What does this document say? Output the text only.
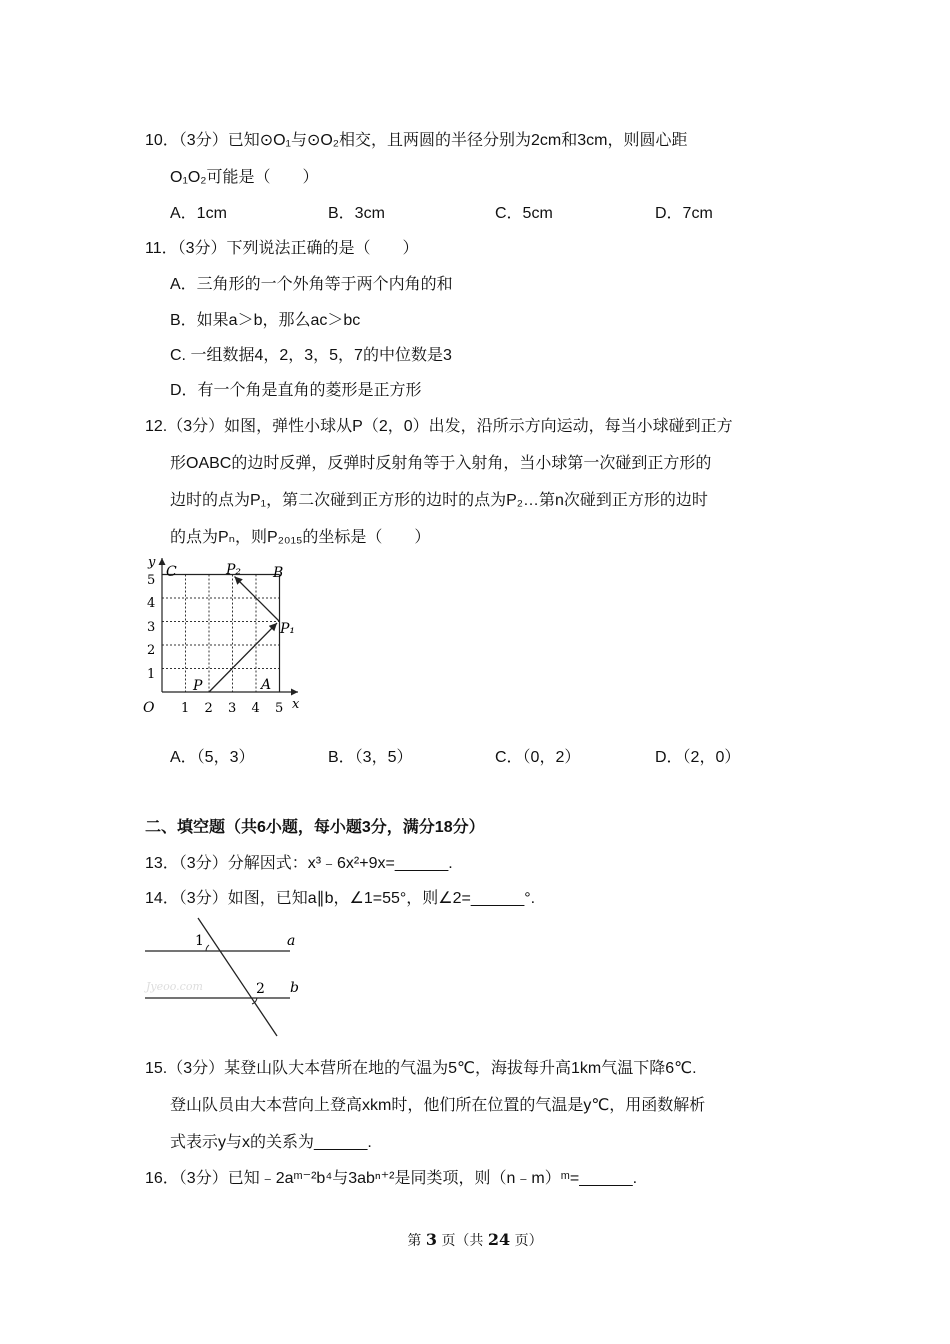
10．（3分）已知⊙O₁与⊙O₂相交，且两圆的半径分别为2cm和3cm，则圆心距
O₁O₂可能是（　　）
A．1cm	B．3cm	C．5cm	D．7cm
11．（3分）下列说法正确的是（　　）
A．三角形的一个外角等于两个内角的和
B．如果a＞b，那么ac＞bc
C. 一组数据4，2，3，5，7的中位数是3
D．有一个角是直角的菱形是正方形
12.（3分）如图，弹性小球从P（2，0）出发，沿所示方向运动，每当小球碰到正方
形OABC的边时反弹，反弹时反射角等于入射角，当小球第一次碰到正方形的
边时的点为P₁，第二次碰到正方形的边时的点为P₂…第n次碰到正方形的边时
的点为Pₙ，则P₂₀₁₅的坐标是（　　）
y
x
O 1 2 3 4 5
1
2
3
4
5
C	B
P₂
P₁
P	A
A．（5，3）	B．（3，5）	C．（0，2）	D．（2，0）
二、填空题（共6小题，每小题3分，满分18分）
13．（3分）分解因式：x³﹣6x²+9x=______.
14．（3分）如图，已知a∥b，∠1=55°，则∠2=______°.
1
2
a
b
Jyeoo.com
15.（3分）某登山队大本营所在地的气温为5℃，海拔每升高1km气温下降6℃.
登山队员由大本营向上登高xkm时，他们所在位置的气温是y℃，用函数解析
式表示y与x的关系为______.
16．（3分）已知﹣2aᵐ⁻²b⁴与3abⁿ⁺²是同类项，则（n﹣m）ᵐ=______.
第 3 页（共 24 页）
